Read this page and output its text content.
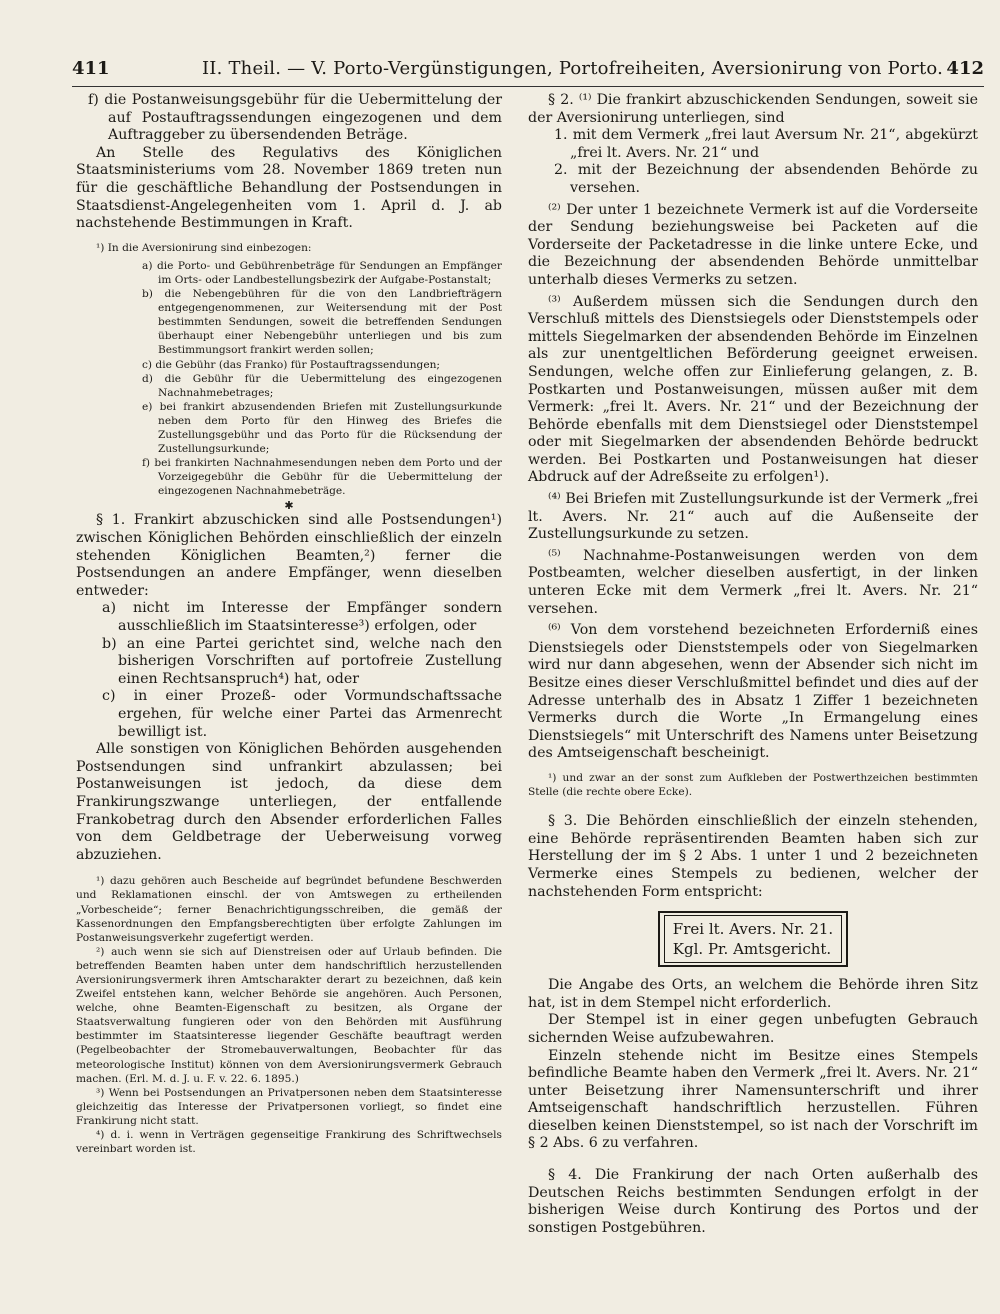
411	II. Theil. — V. Porto-Vergünstigungen, Portofreiheiten, Aversionirung von Porto. 412

f) die Postanweisungsgebühr für die Uebermittelung der auf Postauftragssendungen eingezogenen und dem Auftraggeber zu übersendenden Beträge.

An Stelle des Regulativs des Königlichen Staatsministeriums vom 28. November 1869 treten nun für die geschäftliche Behandlung der Postsendungen in Staatsdienst-Angelegenheiten vom 1. April d. J. ab nachstehende Bestimmungen in Kraft.

¹) In die Aversionirung sind einbezogen:

a) die Porto- und Gebührenbeträge für Sendungen an Empfänger im Orts- oder Landbestellungsbezirk der Aufgabe-Postanstalt;

b) die Nebengebühren für die von den Landbriefträgern entgegengenommenen, zur Weitersendung mit der Post bestimmten Sendungen, soweit die betreffenden Sendungen überhaupt einer Nebengebühr unterliegen und bis zum Bestimmungsort frankirt werden sollen;

c) die Gebühr (das Franko) für Postauftragssendungen;

d) die Gebühr für die Uebermittelung des eingezogenen Nachnahmebetrages;

e) bei frankirt abzusendenden Briefen mit Zustellungsurkunde neben dem Porto für den Hinweg des Briefes die Zustellungsgebühr und das Porto für die Rücksendung der Zustellungsurkunde;

f) bei frankirten Nachnahmesendungen neben dem Porto und der Vorzeigegebühr die Gebühr für die Uebermittelung der eingezogenen Nachnahmebeträge.

✱

§ 1. Frankirt abzuschicken sind alle Postsendungen¹) zwischen Königlichen Behörden einschließlich der einzeln stehenden Königlichen Beamten,²) ferner die Postsendungen an andere Empfänger, wenn dieselben entweder:

a) nicht im Interesse der Empfänger sondern ausschließlich im Staatsinteresse³) erfolgen, oder

b) an eine Partei gerichtet sind, welche nach den bisherigen Vorschriften auf portofreie Zustellung einen Rechtsanspruch⁴) hat, oder

c) in einer Prozeß- oder Vormundschaftssache ergehen, für welche einer Partei das Armenrecht bewilligt ist.

Alle sonstigen von Königlichen Behörden ausgehenden Postsendungen sind unfrankirt abzulassen; bei Postanweisungen ist jedoch, da diese dem Frankirungszwange unterliegen, der entfallende Frankobetrag durch den Absender erforderlichen Falles von dem Geldbetrage der Ueberweisung vorweg abzuziehen.

¹) dazu gehören auch Bescheide auf begründet befundene Beschwerden und Reklamationen einschl. der von Amtswegen zu ertheilenden „Vorbescheide“; ferner Benachrichtigungsschreiben, die gemäß der Kassenordnungen den Empfangsberechtigten über erfolgte Zahlungen im Postanweisungsverkehr zugefertigt werden.

²) auch wenn sie sich auf Dienstreisen oder auf Urlaub befinden. Die betreffenden Beamten haben unter dem handschriftlich herzustellenden Aversionirungsvermerk ihren Amtscharakter derart zu bezeichnen, daß kein Zweifel entstehen kann, welcher Behörde sie angehören. Auch Personen, welche, ohne Beamten-Eigenschaft zu besitzen, als Organe der Staatsverwaltung fungieren oder von den Behörden mit Ausführung bestimmter im Staatsinteresse liegender Geschäfte beauftragt werden (Pegelbeobachter der Stromebauverwaltungen, Beobachter für das meteorologische Institut) können von dem Aversionirungsvermerk Gebrauch machen. (Erl. M. d. J. u. F. v. 22. 6. 1895.)

³) Wenn bei Postsendungen an Privatpersonen neben dem Staatsinteresse gleichzeitig das Interesse der Privatpersonen vorliegt, so findet eine Frankirung nicht statt.

⁴) d. i. wenn in Verträgen gegenseitige Frankirung des Schriftwechsels vereinbart worden ist.

§ 2. ⁽¹⁾ Die frankirt abzuschickenden Sendungen, soweit sie der Aversionirung unterliegen, sind

1. mit dem Vermerk „frei laut Aversum Nr. 21“, abgekürzt „frei lt. Avers. Nr. 21“ und

2. mit der Bezeichnung der absendenden Behörde zu versehen.

⁽²⁾ Der unter 1 bezeichnete Vermerk ist auf die Vorderseite der Sendung beziehungsweise bei Packeten auf die Vorderseite der Packetadresse in die linke untere Ecke, und die Bezeichnung der absendenden Behörde unmittelbar unterhalb dieses Vermerks zu setzen.

⁽³⁾ Außerdem müssen sich die Sendungen durch den Verschluß mittels des Dienstsiegels oder Dienststempels oder mittels Siegelmarken der absendenden Behörde im Einzelnen als zur unentgeltlichen Beförderung geeignet erweisen. Sendungen, welche offen zur Einlieferung gelangen, z. B. Postkarten und Postanweisungen, müssen außer mit dem Vermerk: „frei lt. Avers. Nr. 21“ und der Bezeichnung der Behörde ebenfalls mit dem Dienstsiegel oder Dienststempel oder mit Siegelmarken der absendenden Behörde bedruckt werden. Bei Postkarten und Postanweisungen hat dieser Abdruck auf der Adreßseite zu erfolgen¹).

⁽⁴⁾ Bei Briefen mit Zustellungsurkunde ist der Vermerk „frei lt. Avers. Nr. 21“ auch auf die Außenseite der Zustellungsurkunde zu setzen.

⁽⁵⁾ Nachnahme-Postanweisungen werden von dem Postbeamten, welcher dieselben ausfertigt, in der linken unteren Ecke mit dem Vermerk „frei lt. Avers. Nr. 21“ versehen.

⁽⁶⁾ Von dem vorstehend bezeichneten Erforderniß eines Dienstsiegels oder Dienststempels oder von Siegelmarken wird nur dann abgesehen, wenn der Absender sich nicht im Besitze eines dieser Verschlußmittel befindet und dies auf der Adresse unterhalb des in Absatz 1 Ziffer 1 bezeichneten Vermerks durch die Worte „In Ermangelung eines Dienstsiegels“ mit Unterschrift des Namens unter Beisetzung des Amtseigenschaft bescheinigt.

¹) und zwar an der sonst zum Aufkleben der Postwerthzeichen bestimmten Stelle (die rechte obere Ecke).

§ 3. Die Behörden einschließlich der einzeln stehenden, eine Behörde repräsentirenden Beamten haben sich zur Herstellung der im § 2 Abs. 1 unter 1 und 2 bezeichneten Vermerke eines Stempels zu bedienen, welcher der nachstehenden Form entspricht:

Frei lt. Avers. Nr. 21.
Kgl. Pr. Amtsgericht.

Die Angabe des Orts, an welchem die Behörde ihren Sitz hat, ist in dem Stempel nicht erforderlich.

Der Stempel ist in einer gegen unbefugten Gebrauch sichernden Weise aufzubewahren.

Einzeln stehende nicht im Besitze eines Stempels befindliche Beamte haben den Vermerk „frei lt. Avers. Nr. 21“ unter Beisetzung ihrer Namensunterschrift und ihrer Amtseigenschaft handschriftlich herzustellen. Führen dieselben keinen Dienststempel, so ist nach der Vorschrift im § 2 Abs. 6 zu verfahren.

§ 4. Die Frankirung der nach Orten außerhalb des Deutschen Reichs bestimmten Sendungen erfolgt in der bisherigen Weise durch Kontirung des Portos und der sonstigen Postgebühren.
